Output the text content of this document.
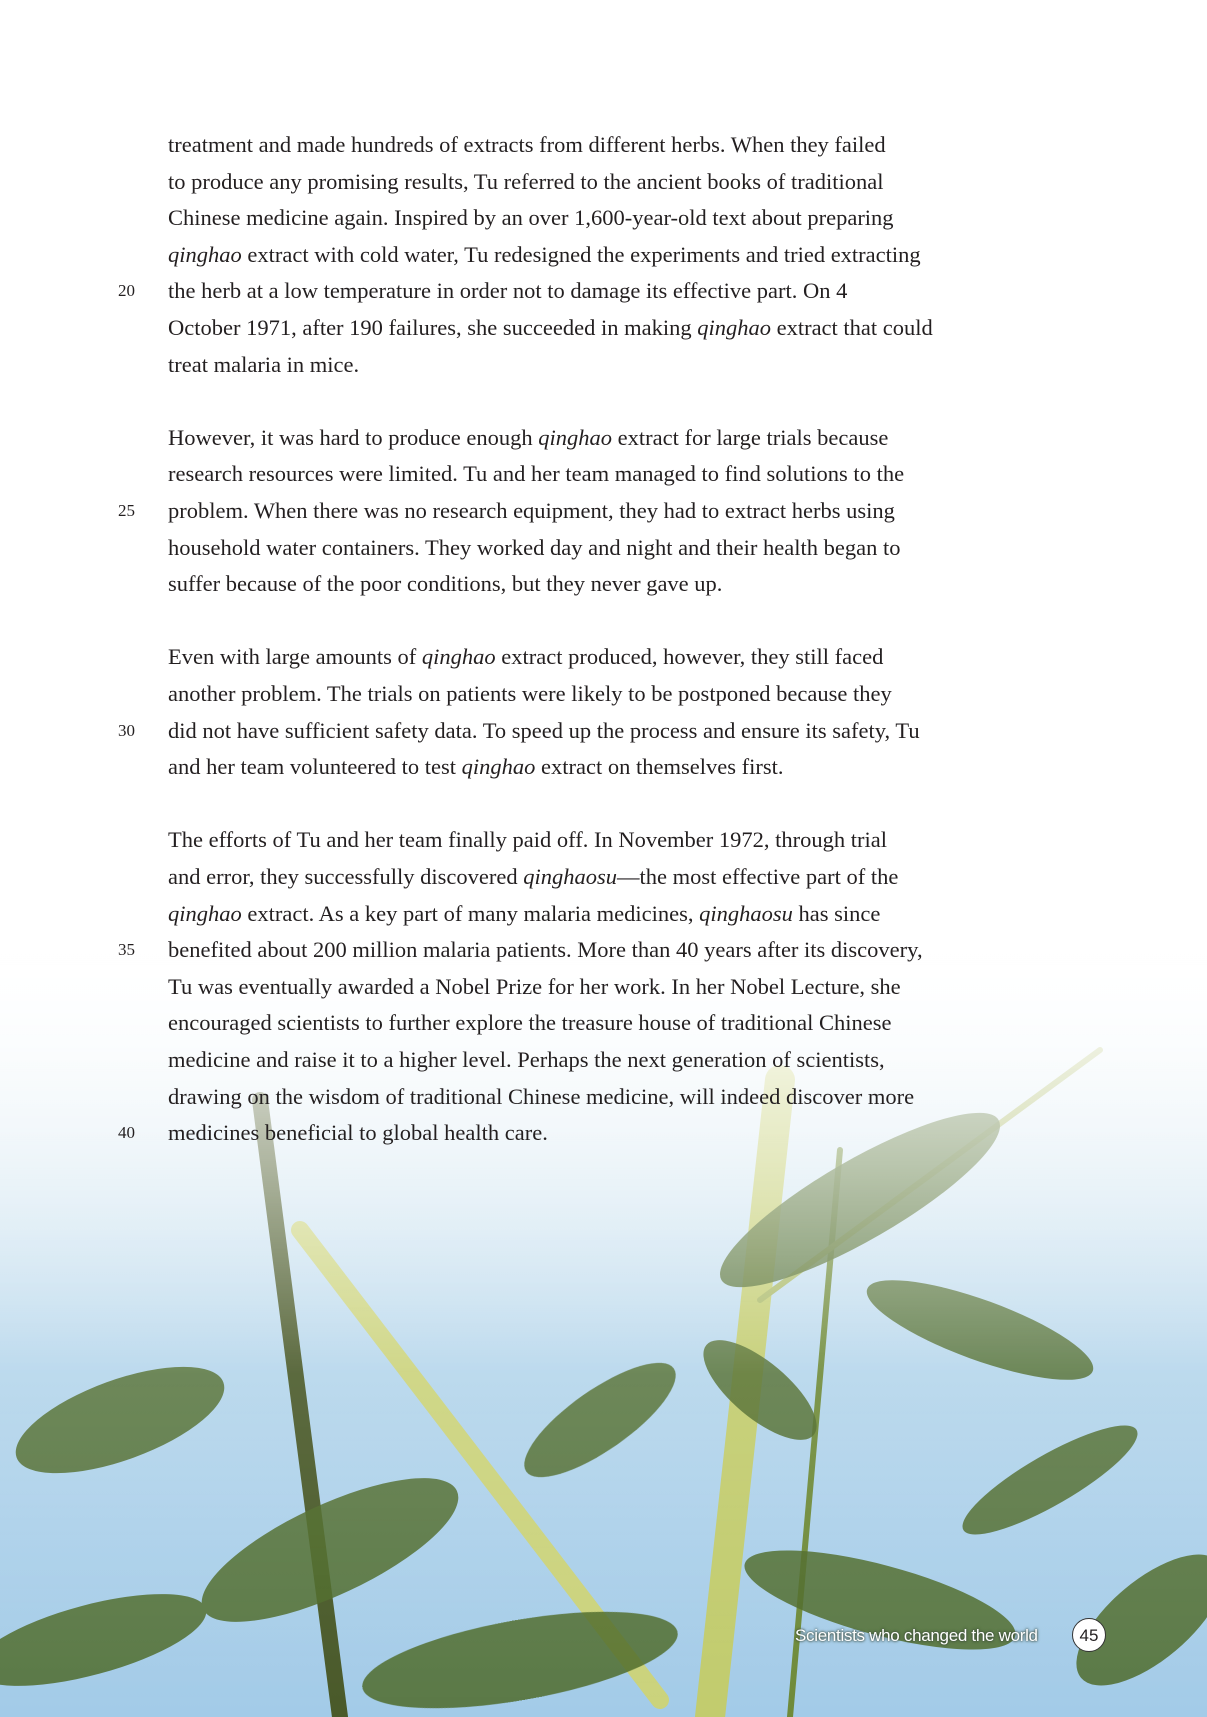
treatment and made hundreds of extracts from different herbs. When they failed
to produce any promising results, Tu referred to the ancient books of traditional
Chinese medicine again. Inspired by an over 1,600-year-old text about preparing
qinghao extract with cold water, Tu redesigned the experiments and tried extracting
the herb at a low temperature in order not to damage its effective part. On 4
20
October 1971, after 190 failures, she succeeded in making qinghao extract that could
treat malaria in mice.
However, it was hard to produce enough qinghao extract for large trials because
research resources were limited. Tu and her team managed to find solutions to the
problem. When there was no research equipment, they had to extract herbs using
25
household water containers. They worked day and night and their health began to
suffer because of the poor conditions, but they never gave up.
Even with large amounts of qinghao extract produced, however, they still faced
another problem. The trials on patients were likely to be postponed because they
did not have sufficient safety data. To speed up the process and ensure its safety, Tu
30
and her team volunteered to test qinghao extract on themselves first.
The efforts of Tu and her team finally paid off. In November 1972, through trial
and error, they successfully discovered qinghaosu—the most effective part of the
qinghao extract. As a key part of many malaria medicines, qinghaosu has since
benefited about 200 million malaria patients. More than 40 years after its discovery,
35
Tu was eventually awarded a Nobel Prize for her work. In her Nobel Lecture, she
encouraged scientists to further explore the treasure house of traditional Chinese
medicine and raise it to a higher level. Perhaps the next generation of scientists,
drawing on the wisdom of traditional Chinese medicine, will indeed discover more
medicines beneficial to global health care.
40
Scientists who changed the world	45
